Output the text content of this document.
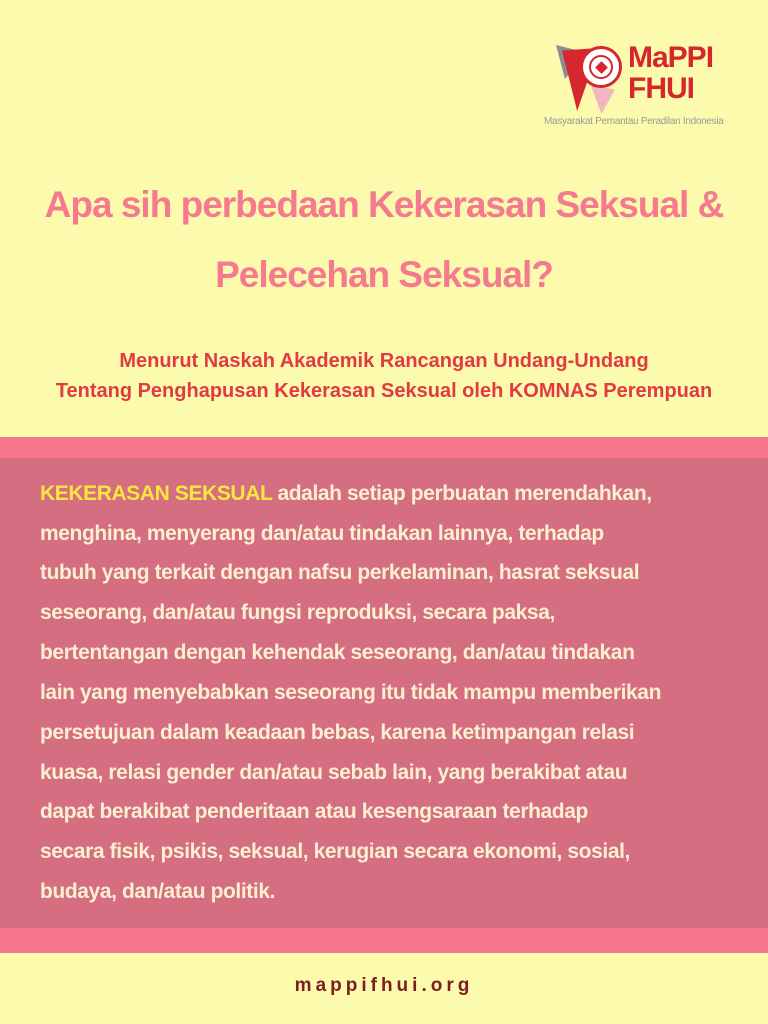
MaPPI
FHUI
Masyarakat Pemantau Peradilan Indonesia
Apa sih perbedaan Kekerasan Seksual &
Pelecehan Seksual?
Menurut Naskah Akademik Rancangan Undang-Undang
Tentang Penghapusan Kekerasan Seksual oleh KOMNAS Perempuan
KEKERASAN SEKSUAL adalah setiap perbuatan merendahkan,
menghina, menyerang dan/atau tindakan lainnya, terhadap
tubuh yang terkait dengan nafsu perkelaminan, hasrat seksual
seseorang, dan/atau fungsi reproduksi, secara paksa,
bertentangan dengan kehendak seseorang, dan/atau tindakan
lain yang menyebabkan seseorang itu tidak mampu memberikan
persetujuan dalam keadaan bebas, karena ketimpangan relasi
kuasa, relasi gender dan/atau sebab lain, yang berakibat atau
dapat berakibat penderitaan atau kesengsaraan terhadap
secara fisik, psikis, seksual, kerugian secara ekonomi, sosial,
budaya, dan/atau politik.
mappifhui.org
